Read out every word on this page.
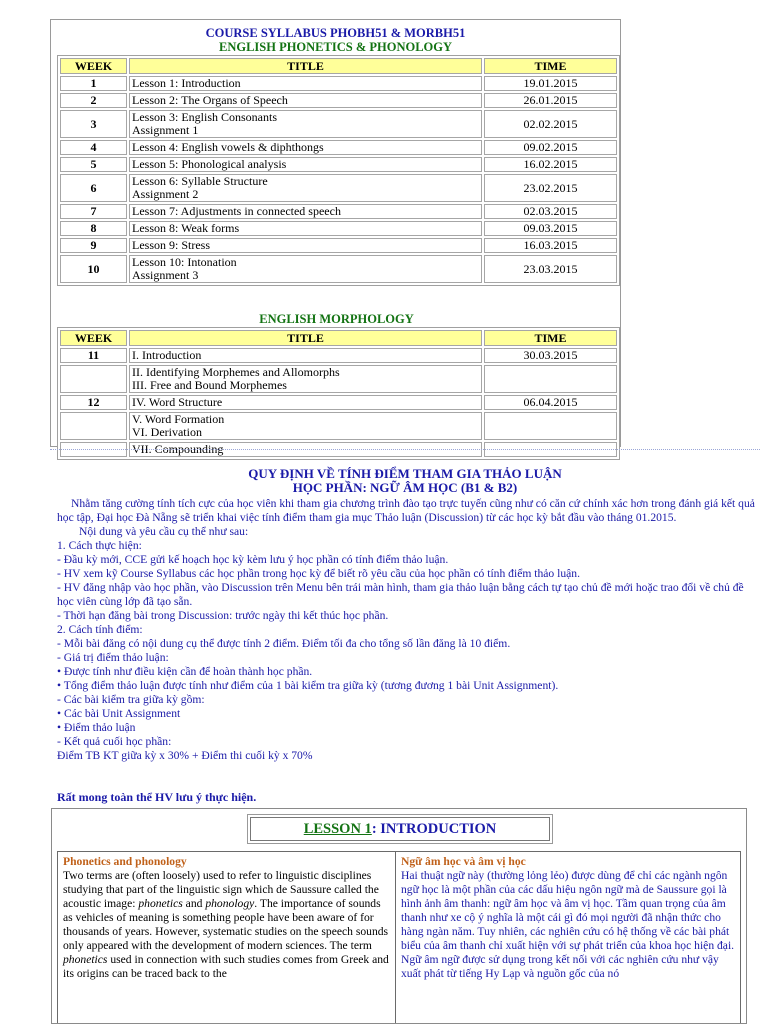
COURSE SYLLABUS PHOBH51 & MORBH51
ENGLISH PHONETICS & PHONOLOGY
WEEK	TITLE	TIME
1	Lesson 1: Introduction	19.01.2015
2	Lesson 2: The Organs of Speech	26.01.2015
3	Lesson 3: English Consonants
Assignment 1	02.02.2015
4	Lesson 4: English vowels & diphthongs	09.02.2015
5	Lesson 5: Phonological analysis	16.02.2015
6	Lesson 6: Syllable Structure
Assignment 2	23.02.2015
7	Lesson 7: Adjustments in connected speech	02.03.2015
8	Lesson 8: Weak forms	09.03.2015
9	Lesson 9: Stress	16.03.2015
10	Lesson 10: Intonation
Assignment 3	23.03.2015
ENGLISH MORPHOLOGY
WEEK	TITLE	TIME
11	I. Introduction	30.03.2015

	II. Identifying Morphemes and Allomorphs
III. Free and Bound Morphemes	

12	IV. Word Structure	06.04.2015

	V. Word Formation
VI. Derivation	

	VII. Compounding	

QUY ĐỊNH VỀ TÍNH ĐIỂM THAM GIA THẢO LUẬN
HỌC PHẦN: NGỮ ÂM HỌC (B1 & B2)

Nhằm tăng cường tính tích cực của học viên khi tham gia chương trình đào tạo trực tuyến cũng như có căn cứ chính xác hơn trong đánh giá kết quả học tập, Đại học Đà Nẵng sẽ triển khai việc tính điểm tham gia mục Thảo luận (Discussion) từ các học kỳ bắt đầu vào tháng 01.2015.

Nội dung và yêu cầu cụ thể như sau:

1. Cách thực hiện:

- Đầu kỳ mới, CCE gửi kế hoạch học kỳ kèm lưu ý học phần có tính điểm thảo luận.

- HV xem kỹ Course Syllabus các học phần trong học kỳ để biết rõ yêu cầu của học phần có tính điểm thảo luận.

- HV đăng nhập vào học phần, vào Discussion trên Menu bên trái màn hình, tham gia thảo luận bằng cách tự tạo chủ đề mới hoặc trao đổi về chủ đề học viên cùng lớp đã tạo sẵn.

- Thời hạn đăng bài trong Discussion: trước ngày thi kết thúc học phần.

2. Cách tính điểm:

- Mỗi bài đăng có nội dung cụ thể được tính 2 điểm. Điểm tối đa cho tổng số lần đăng là 10 điểm.

- Giá trị điểm thảo luận:

• Được tính như điều kiện cần để hoàn thành học phần.

• Tổng điểm thảo luận được tính như điểm của 1 bài kiểm tra giữa kỳ (tương đương 1 bài Unit Assignment).

- Các bài kiểm tra giữa kỳ gồm:

• Các bài Unit Assignment

• Điểm thảo luận

- Kết quả cuối học phần:

Điểm TB KT giữa kỳ x 30% + Điểm thi cuối kỳ x 70%

Rất mong toàn thể HV lưu ý thực hiện.
LESSON 1: INTRODUCTION
Phonetics and phonology
Two terms are (often loosely) used to refer to linguistic disciplines studying that part of the linguistic sign which de Saussure called the acoustic image: phonetics and phonology. The importance of sounds as vehicles of meaning is something people have been aware of for thousands of years. However, systematic studies on the speech sounds only appeared with the development of modern sciences. The term phonetics used in connection with such studies comes from Greek and its origins can be traced back to the
Ngữ âm học và âm vị học
Hai thuật ngữ này (thường lỏng lẻo) được dùng để chỉ các ngành ngôn ngữ học là một phần của các dấu hiệu ngôn ngữ mà de Saussure gọi là hình ảnh âm thanh: ngữ âm học và âm vị học. Tầm quan trọng của âm thanh như xe cộ ý nghĩa là một cái gì đó mọi người đã nhận thức cho hàng ngàn năm. Tuy nhiên, các nghiên cứu có hệ thống về các bài phát biểu của âm thanh chỉ xuất hiện với sự phát triển của khoa học hiện đại. Ngữ âm ngữ được sử dụng trong kết nối với các nghiên cứu như vậy xuất phát từ tiếng Hy Lạp và nguồn gốc của nó
